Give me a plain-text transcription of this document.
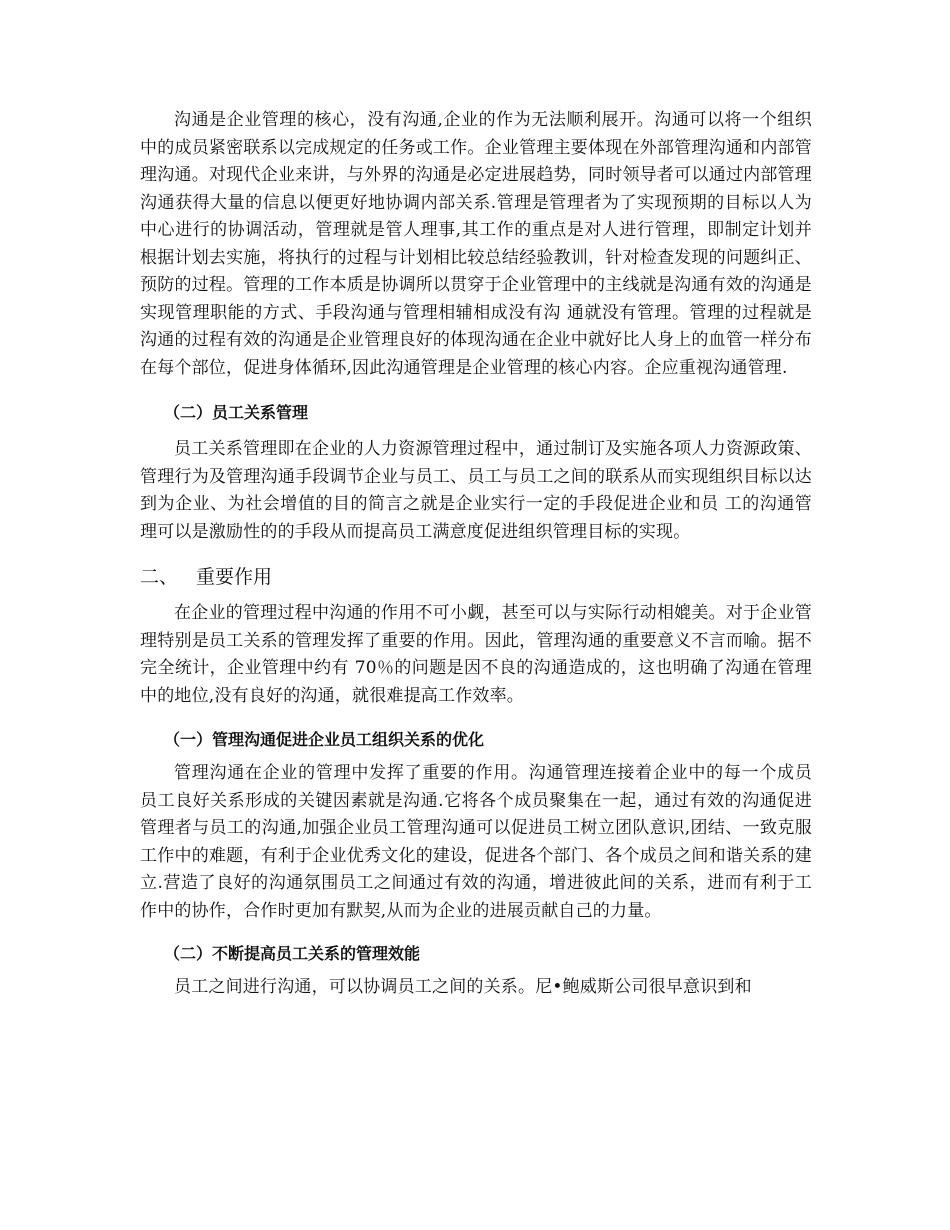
沟通是企业管理的核心，没有沟通,企业的作为无法顺利展开。沟通可以将一个组织中的成员紧密联系以完成规定的任务或工作。企业管理主要体现在外部管理沟通和内部管理沟通。对现代企业来讲，与外界的沟通是必定进展趋势，同时领导者可以通过内部管理沟通获得大量的信息以便更好地协调内部关系.管理是管理者为了实现预期的目标以人为中心进行的协调活动，管理就是管人理事,其工作的重点是对人进行管理，即制定计划并根据计划去实施，将执行的过程与计划相比较总结经验教训，针对检查发现的问题纠正、预防的过程。管理的工作本质是协调所以贯穿于企业管理中的主线就是沟通有效的沟通是实现管理职能的方式、手段沟通与管理相辅相成没有沟 通就没有管理。管理的过程就是沟通的过程有效的沟通是企业管理良好的体现沟通在企业中就好比人身上的血管一样分布在每个部位，促进身体循环,因此沟通管理是企业管理的核心内容。企应重视沟通管理.

（二）员工关系管理

员工关系管理即在企业的人力资源管理过程中，通过制订及实施各项人力资源政策、 管理行为及管理沟通手段调节企业与员工、员工与员工之间的联系从而实现组织目标以达到为企业、为社会增值的目的简言之就是企业实行一定的手段促进企业和员 工的沟通管理可以是激励性的的手段从而提高员工满意度促进组织管理目标的实现。

二、 重要作用

在企业的管理过程中沟通的作用不可小觑，甚至可以与实际行动相媲美。对于企业管理特别是员工关系的管理发挥了重要的作用。因此，管理沟通的重要意义不言而喻。据不完全统计，企业管理中约有 70％的问题是因不良的沟通造成的，这也明确了沟通在管理中的地位,没有良好的沟通，就很难提高工作效率。

（一）管理沟通促进企业员工组织关系的优化

管理沟通在企业的管理中发挥了重要的作用。沟通管理连接着企业中的每一个成员 员工良好关系形成的关键因素就是沟通.它将各个成员聚集在一起，通过有效的沟通促进管理者与员工的沟通,加强企业员工管理沟通可以促进员工树立团队意识,团结、一致克服工作中的难题，有利于企业优秀文化的建设，促进各个部门、各个成员之间和谐关系的建立.营造了良好的沟通氛围员工之间通过有效的沟通，增进彼此间的关系，进而有利于工作中的协作，合作时更加有默契,从而为企业的进展贡献自己的力量。

（二）不断提高员工关系的管理效能

员工之间进行沟通，可以协调员工之间的关系。尼•鲍威斯公司很早意识到和
